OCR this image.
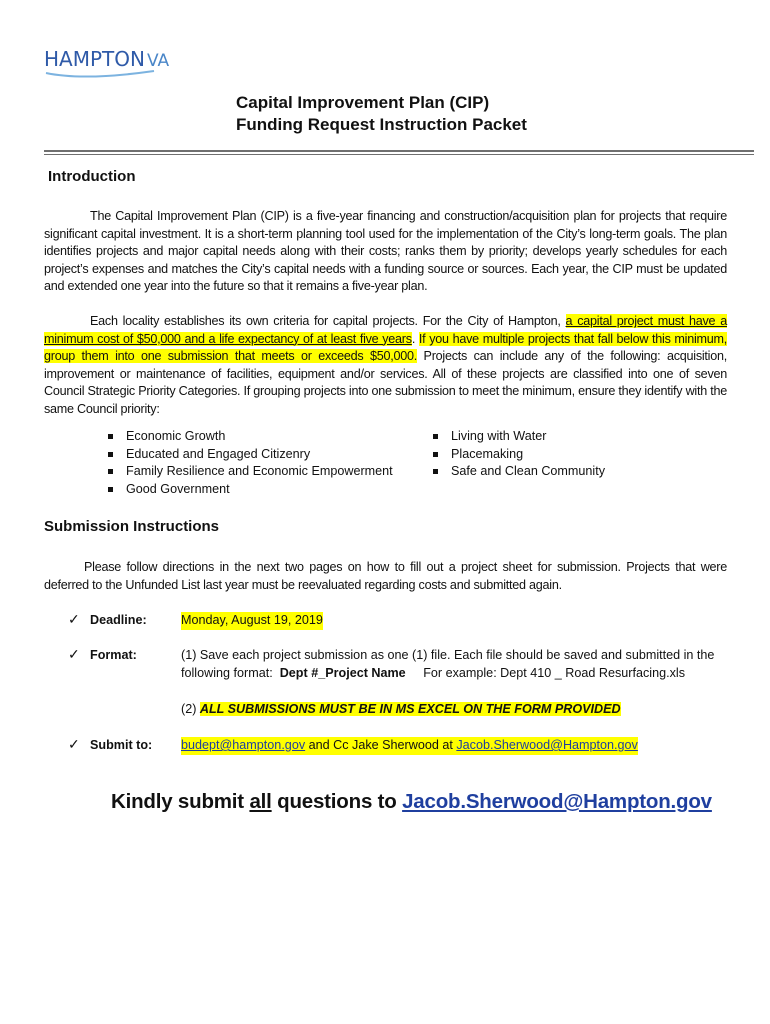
HAMPTON VA
Capital Improvement Plan (CIP)
Funding Request Instruction Packet
Introduction

The Capital Improvement Plan (CIP) is a five-year financing and construction/acquisition plan for projects that require significant capital investment. It is a short-term planning tool used for the implementation of the City’s long-term goals. The plan identifies projects and major capital needs along with their costs; ranks them by priority; develops yearly schedules for each project’s expenses and matches the City’s capital needs with a funding source or sources. Each year, the CIP must be updated and extended one year into the future so that it remains a five-year plan.

Each locality establishes its own criteria for capital projects. For the City of Hampton, a capital project must have a minimum cost of $50,000 and a life expectancy of at least five years. If you have multiple projects that fall below this minimum, group them into one submission that meets or exceeds $50,000. Projects can include any of the following: acquisition, improvement or maintenance of facilities, equipment and/or services. All of these projects are classified into one of seven Council Strategic Priority Categories. If grouping projects into one submission to meet the minimum, ensure they identify with the same Council priority:

Economic Growth
Educated and Engaged Citizenry
Family Resilience and Economic Empowerment
Good Government
Living with Water
Placemaking
Safe and Clean Community
Submission Instructions

Please follow directions in the next two pages on how to fill out a project sheet for submission. Projects that were deferred to the Unfunded List last year must be reevaluated regarding costs and submitted again.

✓ Deadline:	Monday, August 19, 2019
✓ Format:	(1) Save each project submission as one (1) file. Each file should be saved and submitted in the
following format:  Dept #_Project Name     For example: Dept 410 _ Road Resurfacing.xls
(2) ALL SUBMISSIONS MUST BE IN MS EXCEL ON THE FORM PROVIDED
✓ Submit to: budept@hampton.gov and Cc Jake Sherwood at Jacob.Sherwood@Hampton.gov
Kindly submit all questions to Jacob.Sherwood@Hampton.gov
